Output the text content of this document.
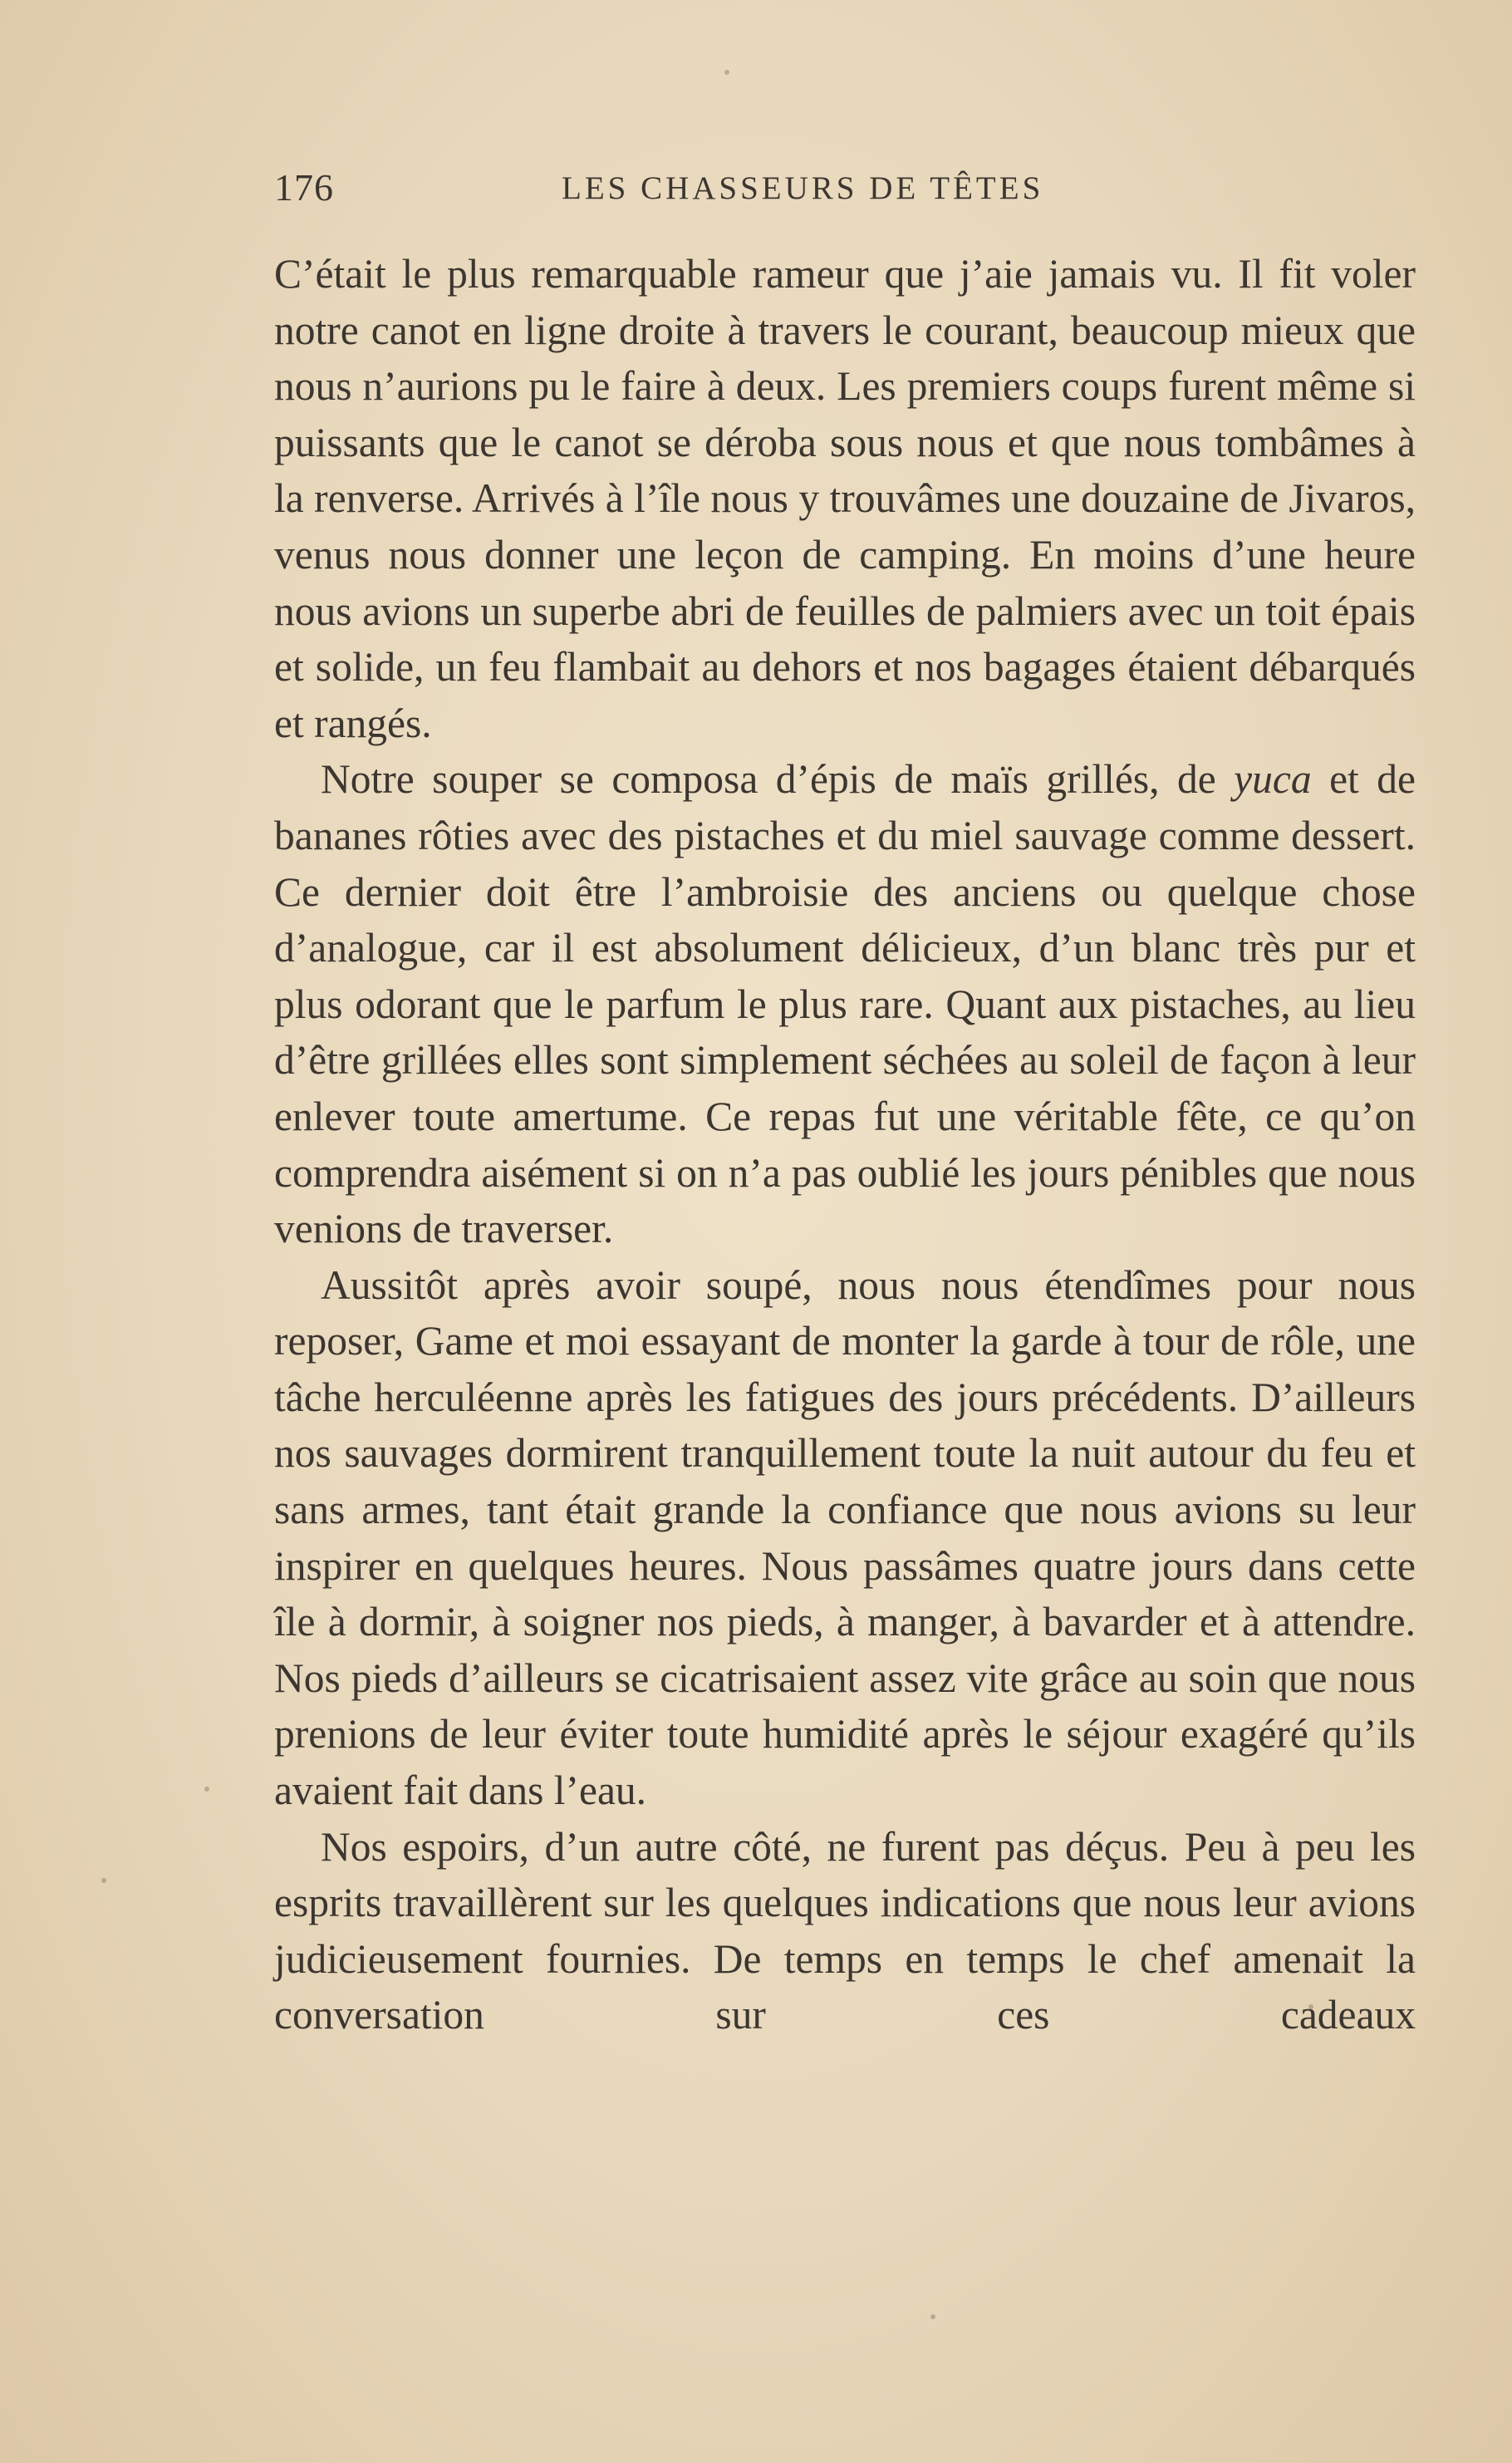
176	LES CHASSEURS DE TÊTES

C’était le plus remarquable rameur que j’aie jamais vu. Il fit voler notre canot en ligne droite à travers le courant, beaucoup mieux que nous n’aurions pu le faire à deux. Les premiers coups furent même si puissants que le canot se déroba sous nous et que nous tombâmes à la renverse. Arrivés à l’île nous y trouvâmes une douzaine de Jivaros, venus nous donner une leçon de camping. En moins d’une heure nous avions un superbe abri de feuilles de palmiers avec un toit épais et solide, un feu flambait au dehors et nos bagages étaient débarqués et rangés.

Notre souper se composa d’épis de maïs grillés, de yuca et de bananes rôties avec des pistaches et du miel sauvage comme dessert. Ce dernier doit être l’ambroisie des anciens ou quelque chose d’analogue, car il est absolument délicieux, d’un blanc très pur et plus odorant que le parfum le plus rare. Quant aux pistaches, au lieu d’être grillées elles sont simplement séchées au soleil de façon à leur enlever toute amertume. Ce repas fut une véritable fête, ce qu’on comprendra aisément si on n’a pas oublié les jours pénibles que nous venions de traverser.

Aussitôt après avoir soupé, nous nous étendîmes pour nous reposer, Game et moi essayant de monter la garde à tour de rôle, une tâche herculéenne après les fatigues des jours précédents. D’ailleurs nos sauvages dormirent tranquillement toute la nuit autour du feu et sans armes, tant était grande la confiance que nous avions su leur inspirer en quelques heures. Nous passâmes quatre jours dans cette île à dormir, à soigner nos pieds, à manger, à bavarder et à attendre. Nos pieds d’ailleurs se cicatrisaient assez vite grâce au soin que nous prenions de leur éviter toute humidité après le séjour exagéré qu’ils avaient fait dans l’eau.

Nos espoirs, d’un autre côté, ne furent pas déçus. Peu à peu les esprits travaillèrent sur les quelques indications que nous leur avions judicieusement fournies. De temps en temps le chef amenait la conversation sur ces cadeaux
